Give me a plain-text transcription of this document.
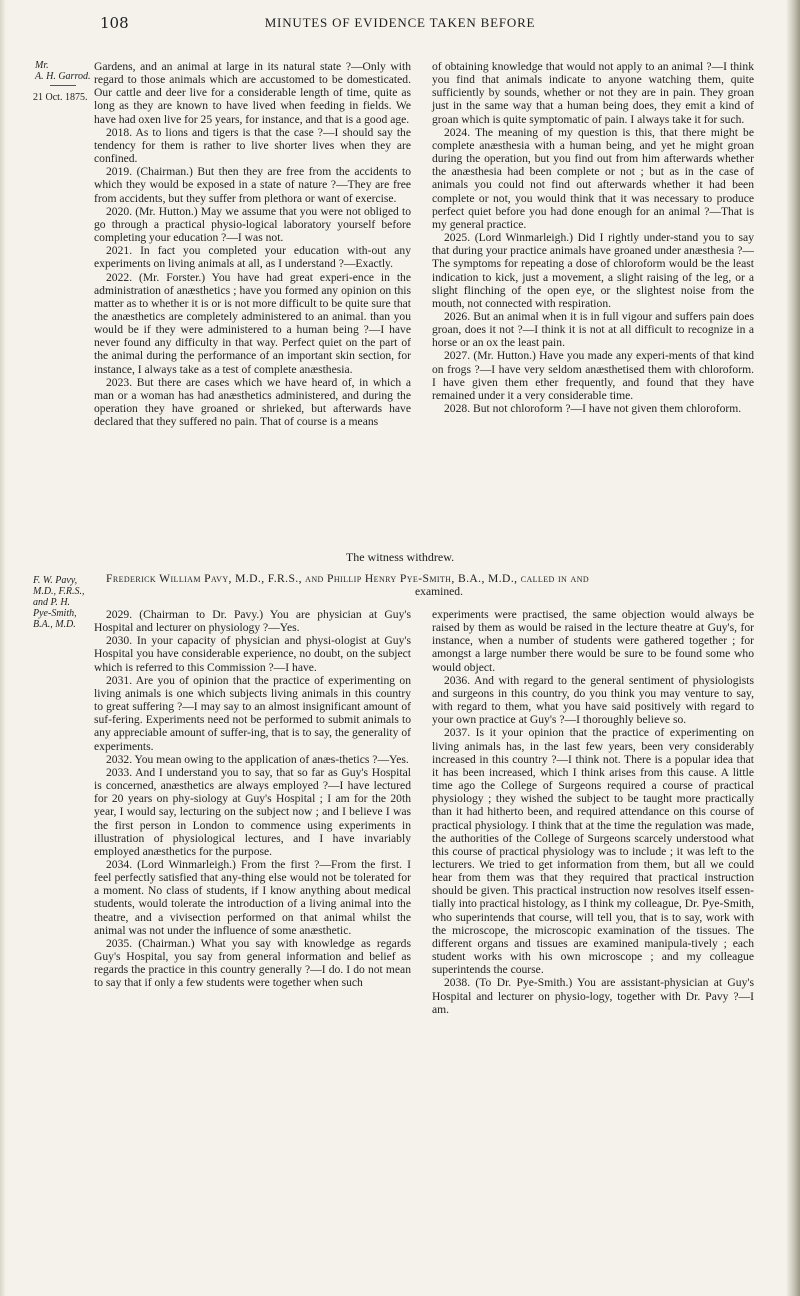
108	MINUTES OF EVIDENCE TAKEN BEFORE
Mr.
A. H. Garrod.
21 Oct. 1875.

Gardens, and an animal at large in its natural state ?—Only with regard to those animals which are accustomed to be domesticated. Our cattle and deer live for a considerable length of time, quite as long as they are known to have lived when feeding in fields. We have had oxen live for 25 years, for instance, and that is a good age.

2018. As to lions and tigers is that the case ?—I should say the tendency for them is rather to live shorter lives when they are confined.

2019. (Chairman.) But then they are free from the accidents to which they would be exposed in a state of nature ?—They are free from accidents, but they suffer from plethora or want of exercise.

2020. (Mr. Hutton.) May we assume that you were not obliged to go through a practical physio-logical laboratory yourself before completing your education ?—I was not.

2021. In fact you completed your education with-out any experiments on living animals at all, as I understand ?—Exactly.

2022. (Mr. Forster.) You have had great experi-ence in the administration of anæsthetics ; have you formed any opinion on this matter as to whether it is or is not more difficult to be quite sure that the anæsthetics are completely administered to an animal. than you would be if they were administered to a human being ?—I have never found any difficulty in that way. Perfect quiet on the part of the animal during the performance of an important skin section, for instance, I always take as a test of complete anæsthesia.

2023. But there are cases which we have heard of, in which a man or a woman has had anæsthetics administered, and during the operation they have groaned or shrieked, but afterwards have declared that they suffered no pain. That of course is a means

of obtaining knowledge that would not apply to an animal ?—I think you find that animals indicate to anyone watching them, quite sufficiently by sounds, whether or not they are in pain. They groan just in the same way that a human being does, they emit a kind of groan which is quite symptomatic of pain. I always take it for such.

2024. The meaning of my question is this, that there might be complete anæsthesia with a human being, and yet he might groan during the operation, but you find out from him afterwards whether the anæsthesia had been complete or not ; but as in the case of animals you could not find out afterwards whether it had been complete or not, you would think that it was necessary to produce perfect quiet before you had done enough for an animal ?—That is my general practice.

2025. (Lord Winmarleigh.) Did I rightly under-stand you to say that during your practice animals have groaned under anæsthesia ?—The symptoms for repeating a dose of chloroform would be the least indication to kick, just a movement, a slight raising of the leg, or a slight flinching of the open eye, or the slightest noise from the mouth, not connected with respiration.

2026. But an animal when it is in full vigour and suffers pain does groan, does it not ?—I think it is not at all difficult to recognize in a horse or an ox the least pain.

2027. (Mr. Hutton.) Have you made any experi-ments of that kind on frogs ?—I have very seldom anæsthetised them with chloroform. I have given them ether frequently, and found that they have remained under it a very considerable time.

2028. But not chloroform ?—I have not given them chloroform.

The witness withdrew.
Frederick William Pavy, M.D., F.R.S., and Phillip Henry Pye-Smith, B.A., M.D., called in and
examined.
F. W. Pavy,
M.D., F.R.S.,
and P. H.
Pye-Smith,
B.A., M.D.

2029. (Chairman to Dr. Pavy.) You are physician at Guy's Hospital and lecturer on physiology ?—Yes.

2030. In your capacity of physician and physi-ologist at Guy's Hospital you have considerable experience, no doubt, on the subject which is referred to this Commission ?—I have.

2031. Are you of opinion that the practice of experimenting on living animals is one which subjects living animals in this country to great suffering ?—I may say to an almost insignificant amount of suf-fering. Experiments need not be performed to submit animals to any appreciable amount of suffer-ing, that is to say, the generality of experiments.

2032. You mean owing to the application of anæs-thetics ?—Yes.

2033. And I understand you to say, that so far as Guy's Hospital is concerned, anæsthetics are always employed ?—I have lectured for 20 years on phy-siology at Guy's Hospital ; I am for the 20th year, I would say, lecturing on the subject now ; and I believe I was the first person in London to commence using experiments in illustration of physiological lectures, and I have invariably employed anæsthetics for the purpose.

2034. (Lord Winmarleigh.) From the first ?—From the first. I feel perfectly satisfied that any-thing else would not be tolerated for a moment. No class of students, if I know anything about medical students, would tolerate the introduction of a living animal into the theatre, and a vivisection performed on that animal whilst the animal was not under the influence of some anæsthetic.

2035. (Chairman.) What you say with knowledge as regards Guy's Hospital, you say from general information and belief as regards the practice in this country generally ?—I do. I do not mean to say that if only a few students were together when such

experiments were practised, the same objection would always be raised by them as would be raised in the lecture theatre at Guy's, for instance, when a number of students were gathered together ; for amongst a large number there would be sure to be found some who would object.

2036. And with regard to the general sentiment of physiologists and surgeons in this country, do you think you may venture to say, with regard to them, what you have said positively with regard to your own practice at Guy's ?—I thoroughly believe so.

2037. Is it your opinion that the practice of experimenting on living animals has, in the last few years, been very considerably increased in this country ?—I think not. There is a popular idea that it has been increased, which I think arises from this cause. A little time ago the College of Surgeons required a course of practical physiology ; they wished the subject to be taught more practically than it had hitherto been, and required attendance on this course of practical physiology. I think that at the time the regulation was made, the authorities of the College of Surgeons scarcely understood what this course of practical physiology was to include ; it was left to the lecturers. We tried to get information from them, but all we could hear from them was that they required that practical instruction should be given. This practical instruction now resolves itself essen-tially into practical histology, as I think my colleague, Dr. Pye-Smith, who superintends that course, will tell you, that is to say, work with the microscope, the microscopic examination of the tissues. The different organs and tissues are examined manipula-tively ; each student works with his own microscope ; and my colleague superintends the course.

2038. (To Dr. Pye-Smith.) You are assistant-physician at Guy's Hospital and lecturer on physio-logy, together with Dr. Pavy ?—I am.
